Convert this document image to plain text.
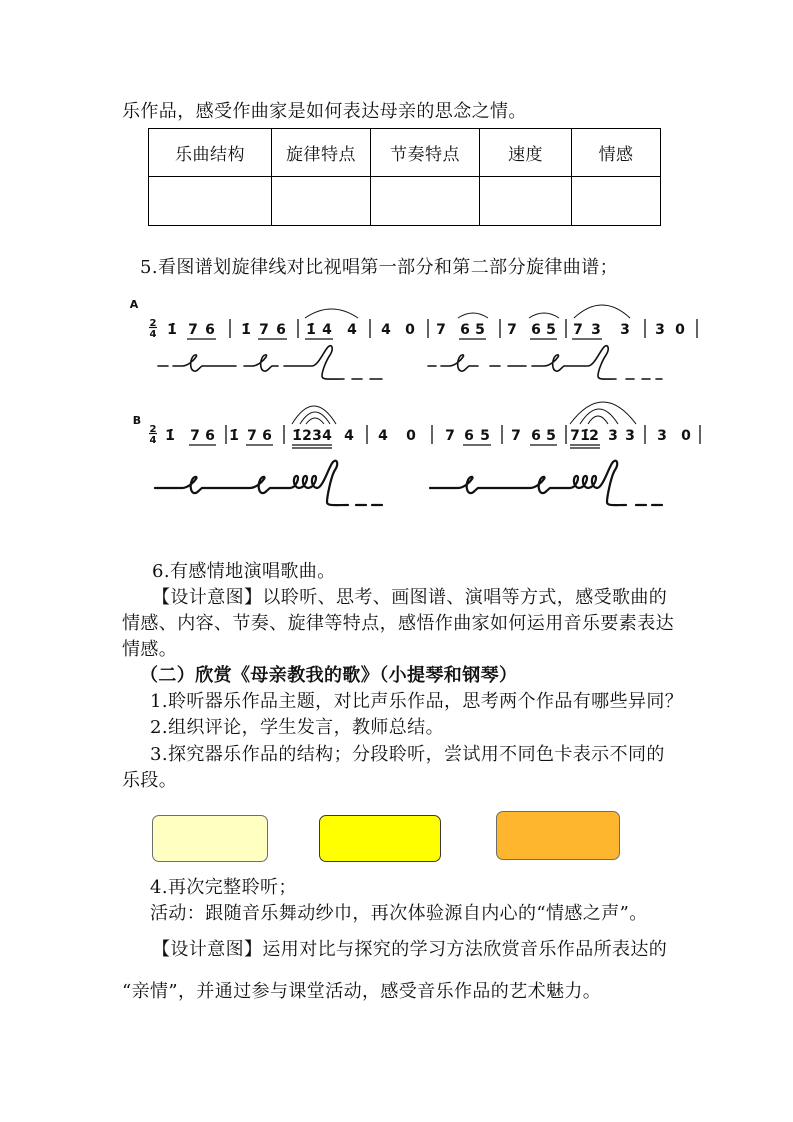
乐作品，感受作曲家是如何表达母亲的思念之情。
乐曲结构	旋律特点	节奏特点	速度	情感

5.看图谱划旋律线对比视唱第一部分和第二部分旋律曲谱；
A
2
4 1̇ 7 6 1̇ 7 6 1̇ 4 4 4 0 7 6 5 7 6 5 7 3 3 3 0
B
2
4 1̇ 7 6 1̇ 7 6 1̇ 2 3 4 4 4 0 7 6 5 7 6 5 7 1̇ 2 3 3 3 0
6.有感情地演唱歌曲。
【设计意图】以聆听、思考、画图谱、演唱等方式，感受歌曲的
情感、内容、节奏、旋律等特点，感悟作曲家如何运用音乐要素表达
情感。
（二）欣赏《母亲教我的歌》（小提琴和钢琴）
1.聆听器乐作品主题，对比声乐作品，思考两个作品有哪些异同？
2.组织评论，学生发言，教师总结。
3.探究器乐作品的结构；分段聆听，尝试用不同色卡表示不同的
乐段。
4.再次完整聆听；
活动：跟随音乐舞动纱巾，再次体验源自内心的“情感之声”。
【设计意图】运用对比与探究的学习方法欣赏音乐作品所表达的
“亲情”，并通过参与课堂活动，感受音乐作品的艺术魅力。
